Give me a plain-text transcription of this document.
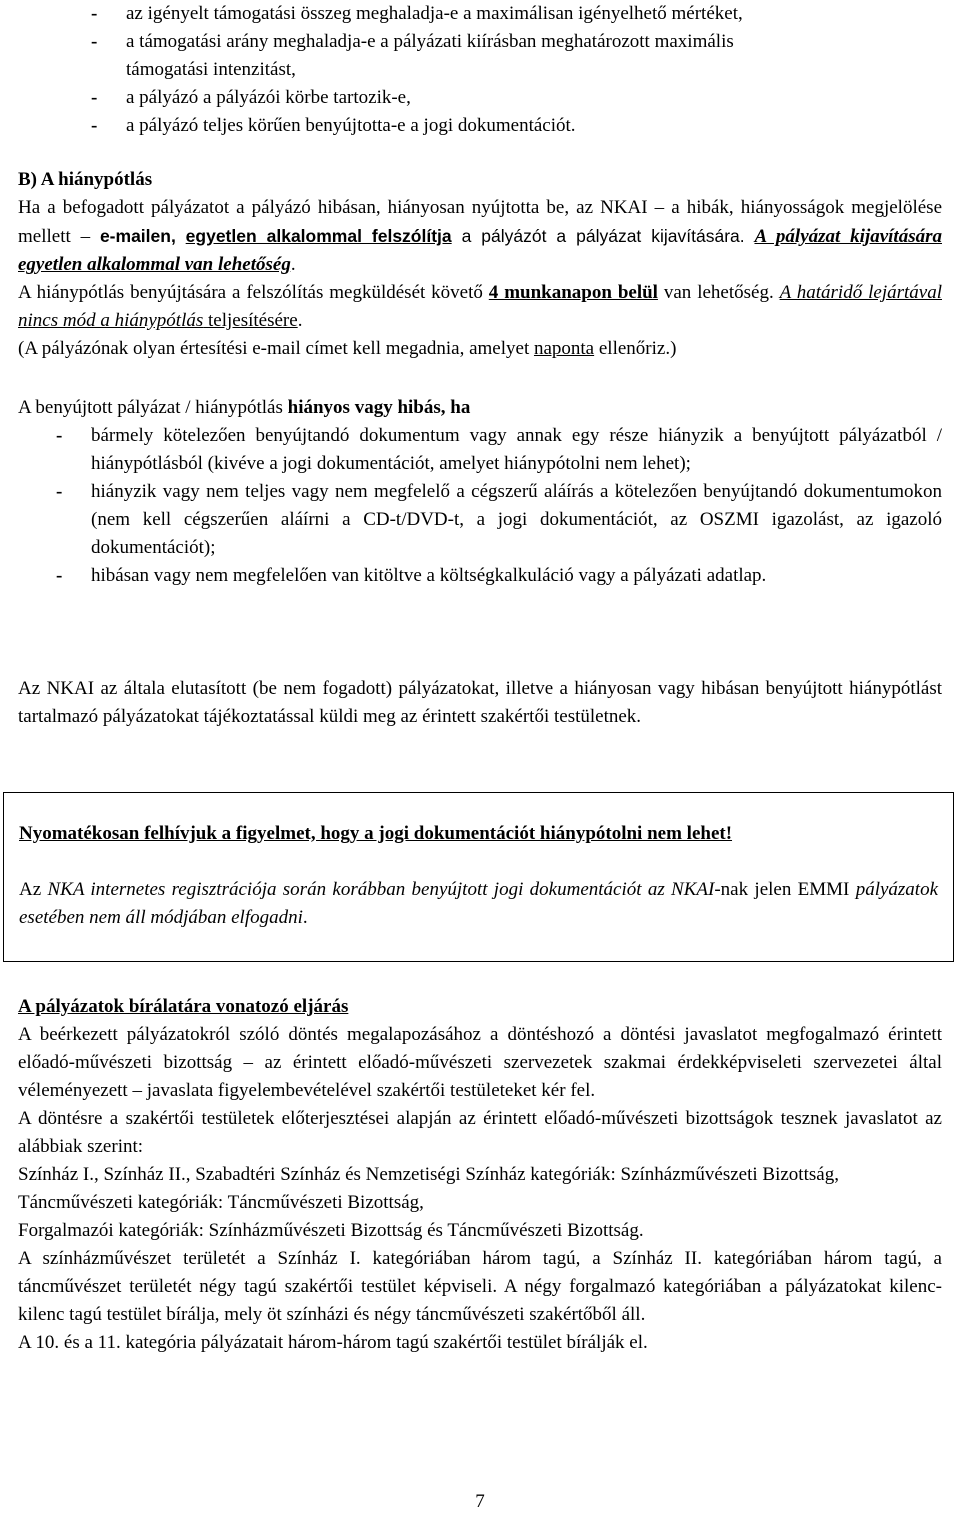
- az igényelt támogatási összeg meghaladja-e a maximálisan igényelhető mértéket,
- a támogatási arány meghaladja-e a pályázati kiírásban meghatározott maximális
támogatási intenzitást,
- a pályázó a pályázói körbe tartozik-e,
- a pályázó teljes körűen benyújtotta-e a jogi dokumentációt.
B) A hiánypótlás

Ha a befogadott pályázatot a pályázó hibásan, hiányosan nyújtotta be, az NKAI – a hibák, hiányosságok megjelölése mellett – e-mailen, egyetlen alkalommal felszólítja a pályázót a pályázat kijavítására. A pályázat kijavítására egyetlen alkalommal van lehetőség.

A hiánypótlás benyújtására a felszólítás megküldését követő 4 munkanapon belül van lehetőség. A határidő lejártával nincs mód a hiánypótlás teljesítésére.

(A pályázónak olyan értesítési e-mail címet kell megadnia, amelyet naponta ellenőriz.)

A benyújtott pályázat / hiánypótlás hiányos vagy hibás, ha

- bármely kötelezően benyújtandó dokumentum vagy annak egy része hiányzik a benyújtott pályázatból / hiánypótlásból (kivéve a jogi dokumentációt, amelyet hiánypótolni nem lehet);
- hiányzik vagy nem teljes vagy nem megfelelő a cégszerű aláírás a kötelezően benyújtandó dokumentumokon (nem kell cégszerűen aláírni a CD-t/DVD-t, a jogi dokumentációt, az OSZMI igazolást, az igazoló dokumentációt);
- hibásan vagy nem megfelelően van kitöltve a költségkalkuláció vagy a pályázati adatlap.

Az NKAI az általa elutasított (be nem fogadott) pályázatokat, illetve a hiányosan vagy hibásan benyújtott hiánypótlást tartalmazó pályázatokat tájékoztatással küldi meg az érintett szakértői testületnek.

Nyomatékosan felhívjuk a figyelmet, hogy a jogi dokumentációt hiánypótolni nem lehet!

Az NKA internetes regisztrációja során korábban benyújtott jogi dokumentációt az NKAI-nak jelen EMMI pályázatok esetében nem áll módjában elfogadni.

A pályázatok bírálatára vonatozó eljárás

A beérkezett pályázatokról szóló döntés megalapozásához a döntéshozó a döntési javaslatot megfogalmazó érintett előadó-művészeti bizottság – az érintett előadó-művészeti szervezetek szakmai érdekképviseleti szervezetei által véleményezett – javaslata figyelembevételével szakértői testületeket kér fel.

A döntésre a szakértői testületek előterjesztései alapján az érintett előadó-művészeti bizottságok tesznek javaslatot az alábbiak szerint:

Színház I., Színház II., Szabadtéri Színház és Nemzetiségi Színház kategóriák: Színházművészeti Bizottság,

Táncművészeti kategóriák: Táncművészeti Bizottság,

Forgalmazói kategóriák: Színházművészeti Bizottság és Táncművészeti Bizottság.

A színházművészet területét a Színház I. kategóriában három tagú, a Színház II. kategóriában három tagú, a táncművészet területét négy tagú szakértői testület képviseli. A négy forgalmazó kategóriában a pályázatokat kilenc-kilenc tagú testület bírálja, mely öt színházi és négy táncművészeti szakértőből áll.

A 10. és a 11. kategória pályázatait három-három tagú szakértői testület bírálják el.

7
